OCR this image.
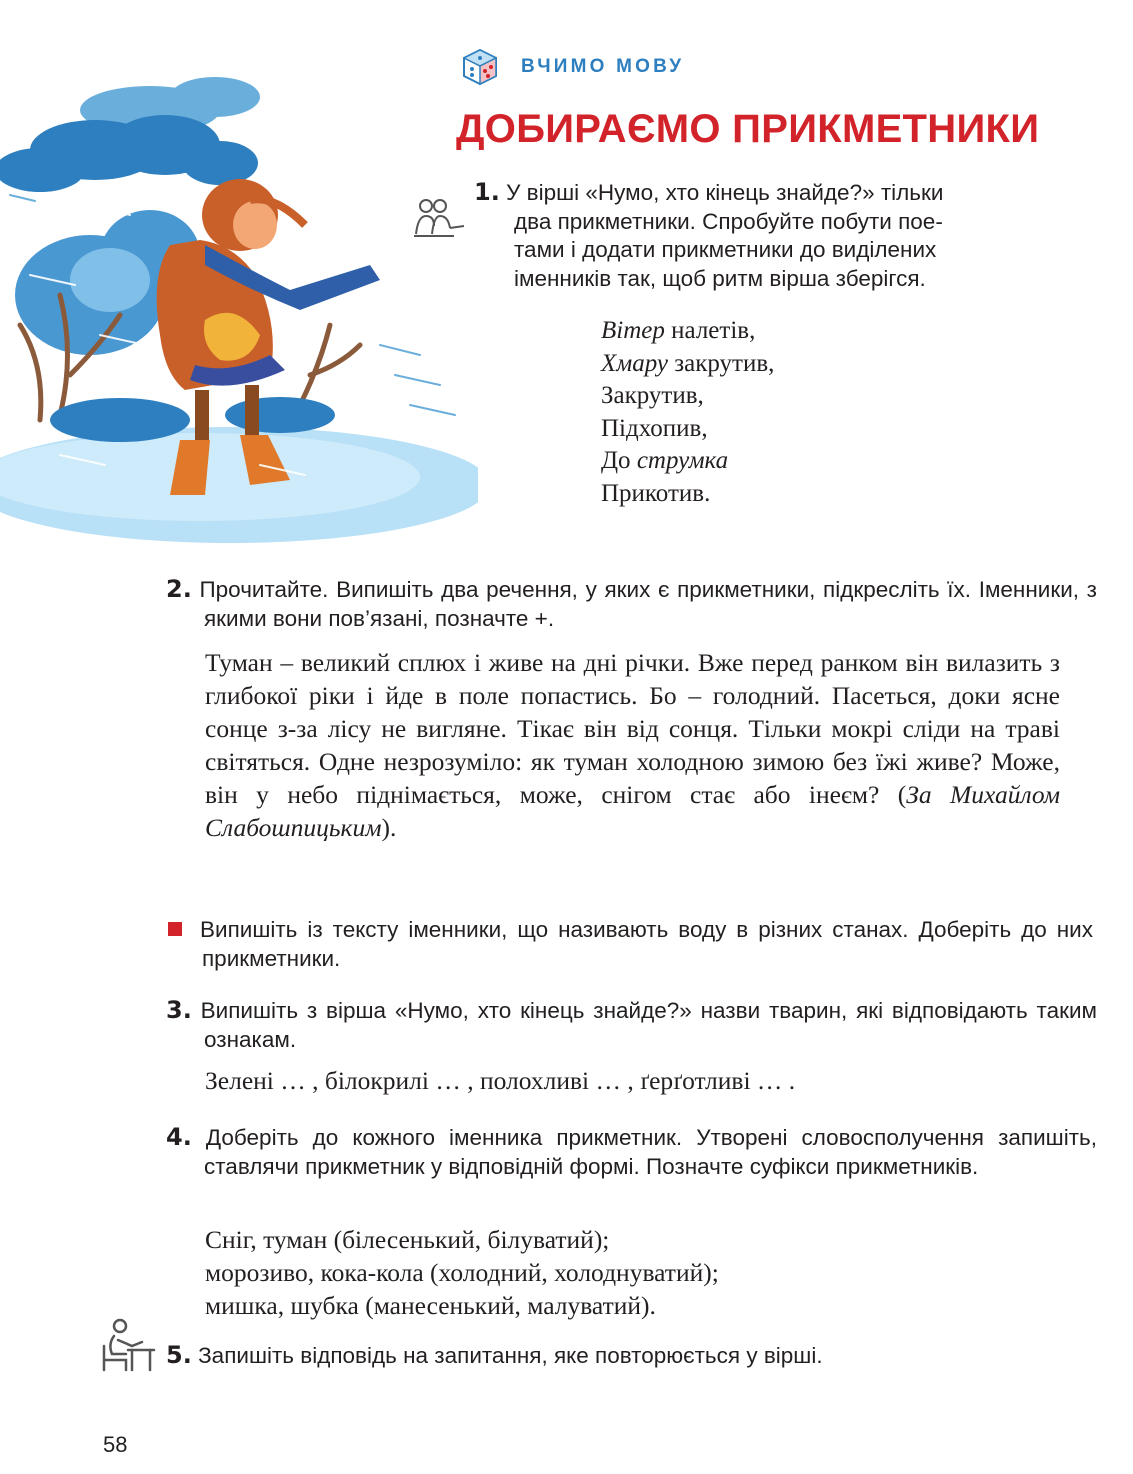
ВЧИМО МОВУ
ДОБИРАЄМО ПРИКМЕТНИКИ

1. У вірші «Нумо, хто кінець знайде?» тільки

два прикметники. Спробуйте побути поe-

тами і додати прикметники до виділених

іменників так, щоб ритм вірша зберігся.

Вітер налетів,
Хмару закрутив,
Закрутив,
Підхопив,
До струмка
Прикотив.
2. Прочитайте. Випишіть два речення, у яких є прикметники, підкресліть їх. Іменники, з якими вони пов’язані, позначте +.
Туман – великий сплюх і живе на дні річки. Вже перед ранком він вилазить з глибокої ріки і йде в поле попастись. Бо – голодний. Пасеться, доки ясне сонце з-за лісу не вигляне. Тікає він від сонця. Тільки мокрі сліди на траві світяться. Одне незрозуміло: як туман холодною зимою без їжі живе? Може, він у небо піднімається, може, снігом стає або інеєм? (За Михайлом Слабошпицьким).
Випишіть із тексту іменники, що називають воду в різних станах. Доберіть до них прикметники.
3. Випишіть з вірша «Нумо, хто кінець знайде?» назви тварин, які відповідають таким ознакам.
Зелені … , білокрилі … , полохливі … , ґерґотливі … .
4. Доберіть до кожного іменника прикметник. Утворені словосполучення запишіть, ставлячи прикметник у відповідній формі. Позначте суфікси прикметників.
Сніг, туман (білесенький, білуватий);
морозиво, кока-кола (холодний, холоднуватий);
мишка, шубка (манесенький, малуватий).
5. Запишіть відповідь на запитання, яке повторюється у вірші.
58
